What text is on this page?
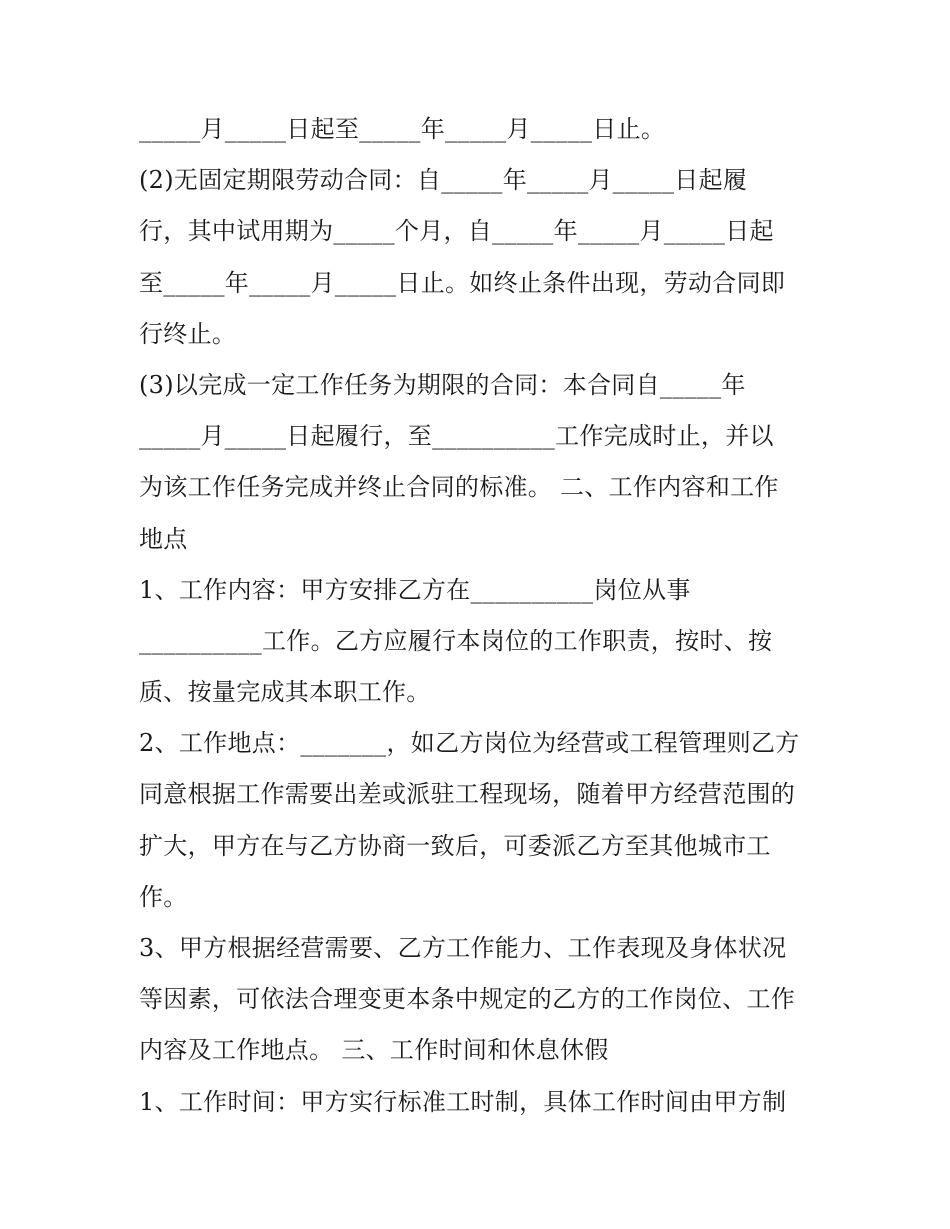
_____月_____日起至_____年_____月_____日止。
(2)无固定期限劳动合同：自_____年_____月_____日起履
行，其中试用期为_____个月，自_____年_____月_____日起
至_____年_____月_____日止。如终止条件出现，劳动合同即
行终止。
(3)以完成一定工作任务为期限的合同：本合同自_____年
_____月_____日起履行，至__________工作完成时止，并以
为该工作任务完成并终止合同的标准。 二、工作内容和工作
地点
1、工作内容：甲方安排乙方在__________岗位从事
__________工作。乙方应履行本岗位的工作职责，按时、按
质、按量完成其本职工作。
2、工作地点：_______，如乙方岗位为经营或工程管理则乙方
同意根据工作需要出差或派驻工程现场，随着甲方经营范围的
扩大，甲方在与乙方协商一致后，可委派乙方至其他城市工
作。
3、甲方根据经营需要、乙方工作能力、工作表现及身体状况
等因素，可依法合理变更本条中规定的乙方的工作岗位、工作
内容及工作地点。 三、工作时间和休息休假
1、工作时间：甲方实行标准工时制，具体工作时间由甲方制
